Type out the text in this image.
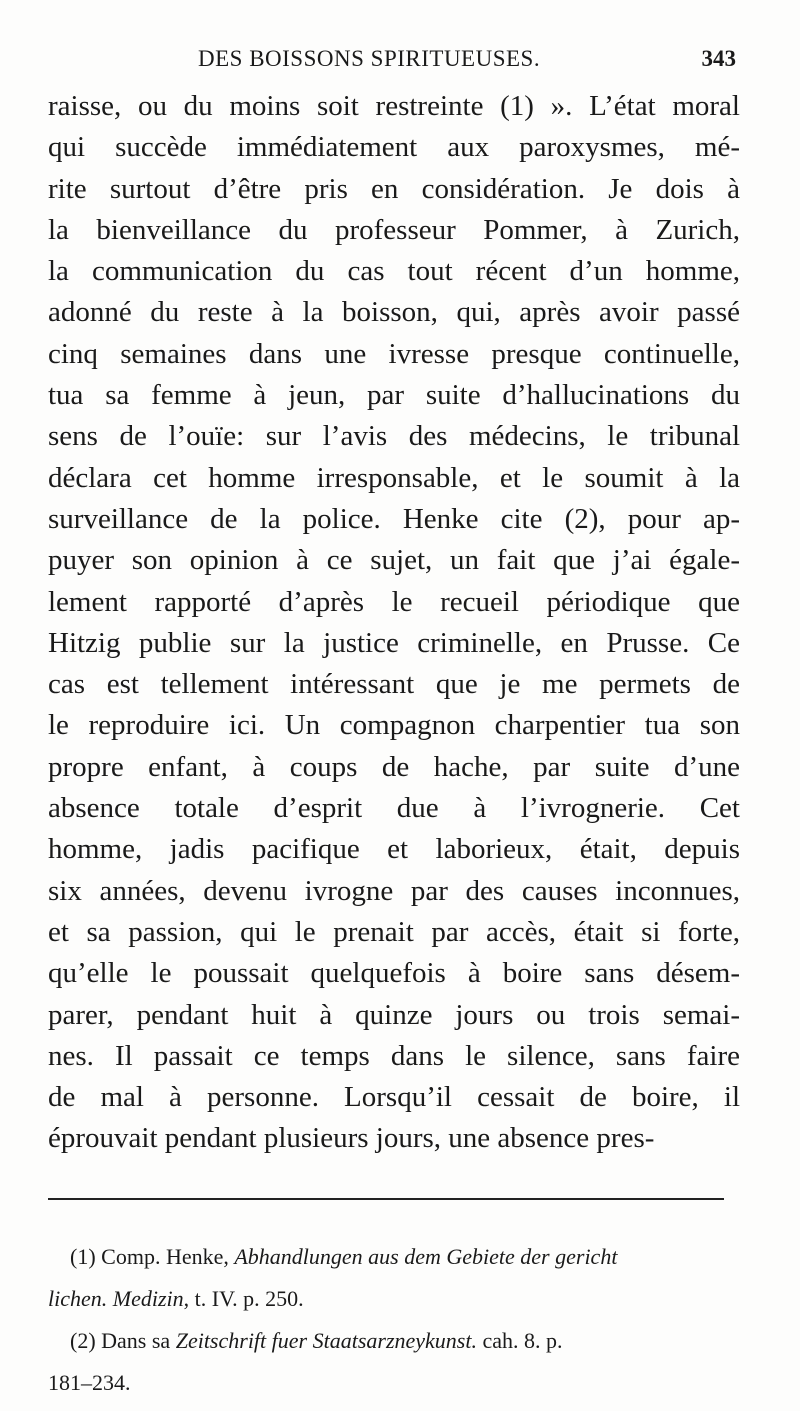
DES BOISSONS SPIRITUEUSES.	343
raisse, ou du moins soit restreinte (1) ». L’état moral
qui succède immédiatement aux paroxysmes, mé-
rite surtout d’être pris en considération. Je dois à
la bienveillance du professeur Pommer, à Zurich,
la communication du cas tout récent d’un homme,
adonné du reste à la boisson, qui, après avoir passé
cinq semaines dans une ivresse presque continuelle,
tua sa femme à jeun, par suite d’hallucinations du
sens de l’ouïe: sur l’avis des médecins, le tribunal
déclara cet homme irresponsable, et le soumit à la
surveillance de la police. Henke cite (2), pour ap-
puyer son opinion à ce sujet, un fait que j’ai égale-
lement rapporté d’après le recueil périodique que
Hitzig publie sur la justice criminelle, en Prusse. Ce
cas est tellement intéressant que je me permets de
le reproduire ici. Un compagnon charpentier tua son
propre enfant, à coups de hache, par suite d’une
absence totale d’esprit due à l’ivrognerie. Cet
homme, jadis pacifique et laborieux, était, depuis
six années, devenu ivrogne par des causes inconnues,
et sa passion, qui le prenait par accès, était si forte,
qu’elle le poussait quelquefois à boire sans désem-
parer, pendant huit à quinze jours ou trois semai-
nes. Il passait ce temps dans le silence, sans faire
de mal à personne. Lorsqu’il cessait de boire, il
éprouvait pendant plusieurs jours, une absence pres-
(1) Comp. Henke, Abhandlungen aus dem Gebiete der gericht
lichen. Medizin, t. IV. p. 250.
(2) Dans sa Zeitschrift fuer Staatsarzneykunst. cah. 8. p.
181–234.
